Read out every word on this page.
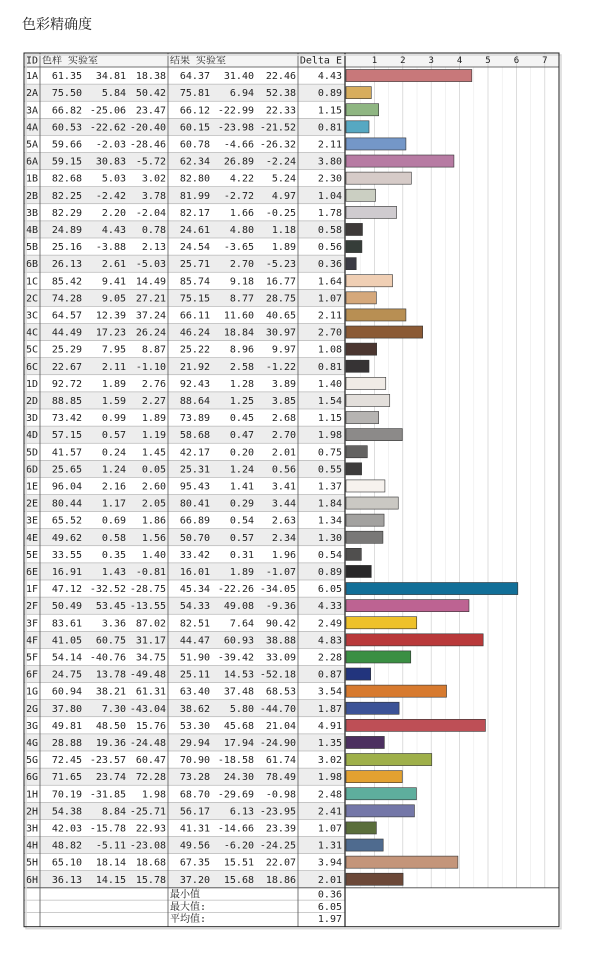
色彩精确度
ID 色样 实验室	结果 实验室	Delta E	1	2	3	4	5	6	7
1A 61.35 34.81 18.38 64.37 31.40 22.46 4.43
2A 75.50 5.84 50.42 75.81 6.94 52.38 0.89
3A 66.82 -25.06 23.47 66.12 -22.99 22.33 1.15
4A 60.53 -22.62 -20.40 60.15 -23.98 -21.52 0.81
5A 59.66 -2.03 -28.46 60.78 -4.66 -26.32 2.11
6A 59.15 30.83 -5.72 62.34 26.89 -2.24 3.80
1B 82.68 5.03 3.02 82.80 4.22 5.24 2.30
2B 82.25 -2.42 3.78 81.99 -2.72 4.97 1.04
3B 82.29 2.20 -2.04 82.17 1.66 -0.25 1.78
4B 24.89 4.43 0.78 24.61 4.80 1.18 0.58
5B 25.16 -3.88 2.13 24.54 -3.65 1.89 0.56
6B 26.13 2.61 -5.03 25.71 2.70 -5.23 0.36
1C 85.42 9.41 14.49 85.74 9.18 16.77 1.64
2C 74.28 9.05 27.21 75.15 8.77 28.75 1.07
3C 64.57 12.39 37.24 66.11 11.60 40.65 2.11
4C 44.49 17.23 26.24 46.24 18.84 30.97 2.70
5C 25.29 7.95 8.87 25.22 8.96 9.97 1.08
6C 22.67 2.11 -1.10 21.92 2.58 -1.22 0.81
1D 92.72 1.89 2.76 92.43 1.28 3.89 1.40
2D 88.85 1.59 2.27 88.64 1.25 3.85 1.54
3D 73.42 0.99 1.89 73.89 0.45 2.68 1.15
4D 57.15 0.57 1.19 58.68 0.47 2.70 1.98
5D 41.57 0.24 1.45 42.17 0.20 2.01 0.75
6D 25.65 1.24 0.05 25.31 1.24 0.56 0.55
1E 96.04 2.16 2.60 95.43 1.41 3.41 1.37
2E 80.44 1.17 2.05 80.41 0.29 3.44 1.84
3E 65.52 0.69 1.86 66.89 0.54 2.63 1.34
4E 49.62 0.58 1.56 50.70 0.57 2.34 1.30
5E 33.55 0.35 1.40 33.42 0.31 1.96 0.54
6E 16.91 1.43 -0.81 16.01 1.89 -1.07 0.89
1F 47.12 -32.52 -28.75 45.34 -22.26 -34.05 6.05
2F 50.49 53.45 -13.55 54.33 49.08 -9.36 4.33
3F 83.61 3.36 87.02 82.51 7.64 90.42 2.49
4F 41.05 60.75 31.17 44.47 60.93 38.88 4.83
5F 54.14 -40.76 34.75 51.90 -39.42 33.09 2.28
6F 24.75 13.78 -49.48 25.11 14.53 -52.18 0.87
1G 60.94 38.21 61.31 63.40 37.48 68.53 3.54
2G 37.80 7.30 -43.04 38.62 5.80 -44.70 1.87
3G 49.81 48.50 15.76 53.30 45.68 21.04 4.91
4G 28.88 19.36 -24.48 29.94 17.94 -24.90 1.35
5G 72.45 -23.57 60.47 70.90 -18.58 61.74 3.02
6G 71.65 23.74 72.28 73.28 24.30 78.49 1.98
1H 70.19 -31.85 1.98 68.70 -29.69 -0.98 2.48
2H 54.38 8.84 -25.71 56.17 6.13 -23.95 2.41
3H 42.03 -15.78 22.93 41.31 -14.66 23.39 1.07
4H 48.82 -5.11 -23.08 49.56 -6.20 -24.25 1.31
5H 65.10 18.14 18.68 67.35 15.51 22.07 3.94
6H 36.13 14.15 15.78 37.20 15.68 18.86 2.01
最小值	0.36
最大值:	6.05
平均值:	1.97
